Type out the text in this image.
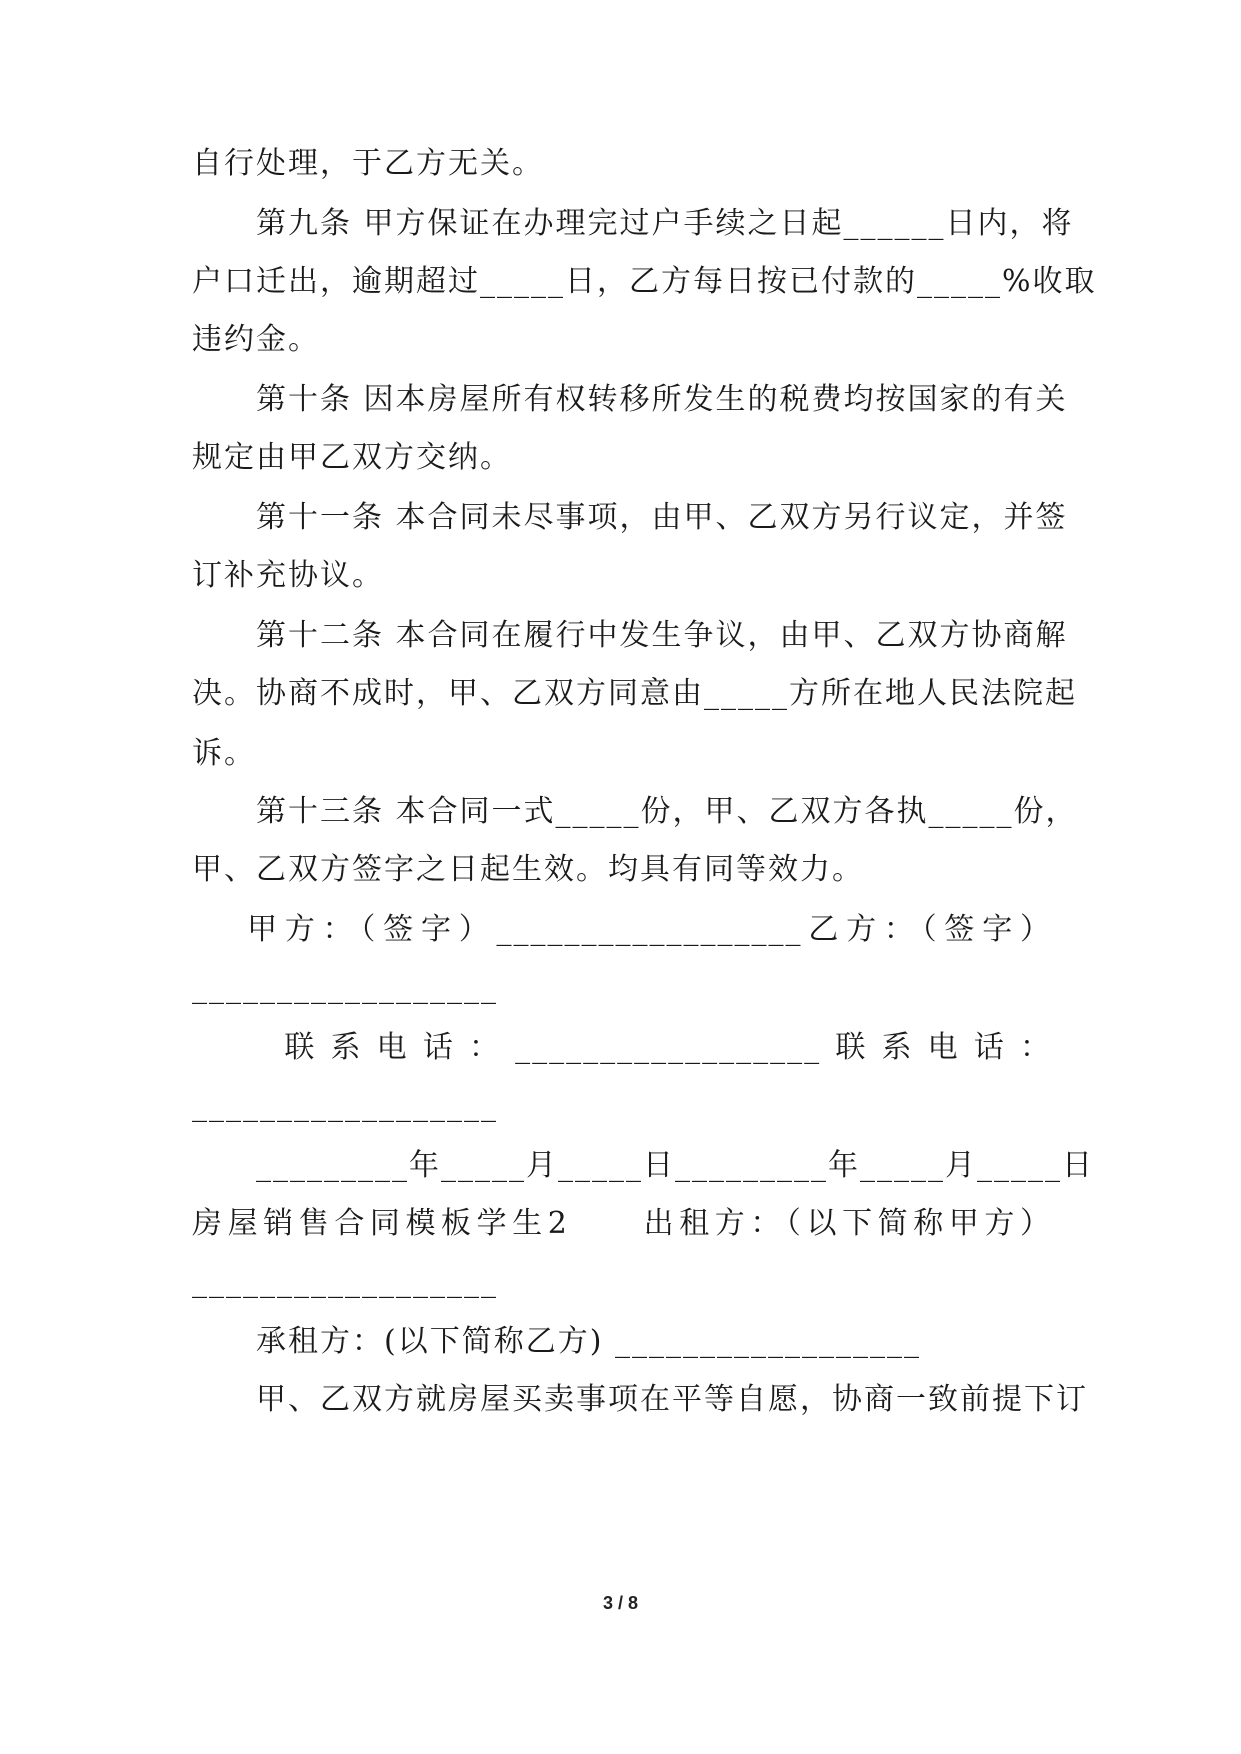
自行处理，于乙方无关。
　　第九条 甲方保证在办理完过户手续之日起______日内，将
户口迁出，逾期超过_____日，乙方每日按已付款的_____%收取
违约金。
　　第十条 因本房屋所有权转移所发生的税费均按国家的有关
规定由甲乙双方交纳。
　　第十一条 本合同未尽事项，由甲、乙双方另行议定，并签
订补充协议。
　　第十二条 本合同在履行中发生争议，由甲、乙双方协商解
决。协商不成时，甲、乙双方同意由_____方所在地人民法院起
诉。
　　第十三条 本合同一式_____份，甲、乙双方各执_____份，
甲、乙双方签字之日起生效。均具有同等效力。
　 甲方：（签字）__________________乙方：（签字）
__________________
　　联系电话：__________________联系电话：
__________________
　　_________年_____月_____日_________年_____月_____日
房屋销售合同模板学生2　　出租方：（以下简称甲方）
__________________
　　承租方：(以下简称乙方) __________________
　　甲、乙双方就房屋买卖事项在平等自愿，协商一致前提下订
3 / 8
